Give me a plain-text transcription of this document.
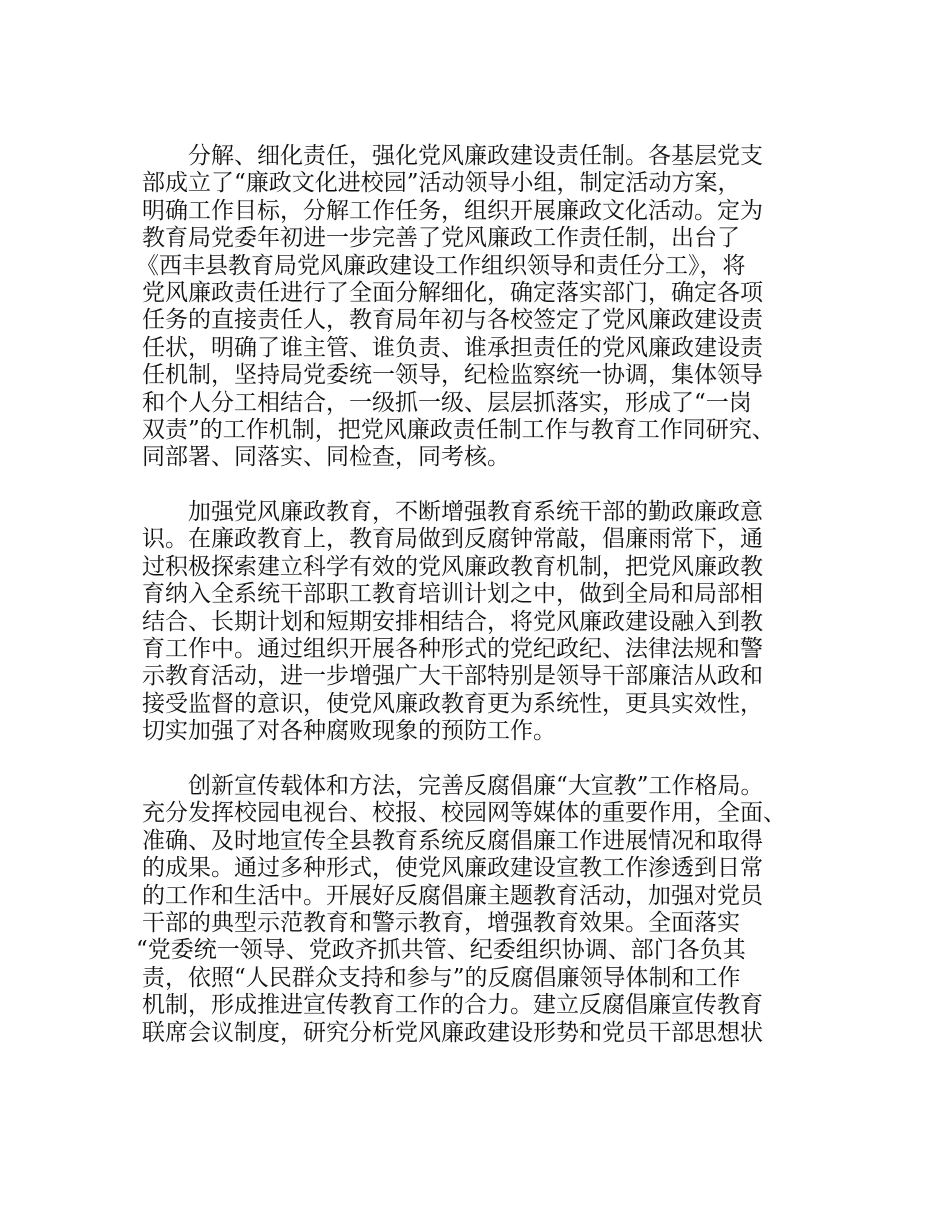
分解、细化责任，强化党风廉政建设责任制。各基层党支
部成立了“廉政文化进校园”活动领导小组，制定活动方案，
明确工作目标，分解工作任务，组织开展廉政文化活动。定为
教育局党委年初进一步完善了党风廉政工作责任制，出台了
《西丰县教育局党风廉政建设工作组织领导和责任分工》，将
党风廉政责任进行了全面分解细化，确定落实部门，确定各项
任务的直接责任人，教育局年初与各校签定了党风廉政建设责
任状，明确了谁主管、谁负责、谁承担责任的党风廉政建设责
任机制，坚持局党委统一领导，纪检监察统一协调，集体领导
和个人分工相结合，一级抓一级、层层抓落实，形成了“一岗
双责”的工作机制，把党风廉政责任制工作与教育工作同研究、
同部署、同落实、同检查，同考核。

加强党风廉政教育，不断增强教育系统干部的勤政廉政意
识。在廉政教育上，教育局做到反腐钟常敲，倡廉雨常下，通
过积极探索建立科学有效的党风廉政教育机制，把党风廉政教
育纳入全系统干部职工教育培训计划之中，做到全局和局部相
结合、长期计划和短期安排相结合，将党风廉政建设融入到教
育工作中。通过组织开展各种形式的党纪政纪、法律法规和警
示教育活动，进一步增强广大干部特别是领导干部廉洁从政和
接受监督的意识，使党风廉政教育更为系统性，更具实效性，
切实加强了对各种腐败现象的预防工作。

创新宣传载体和方法，完善反腐倡廉“大宣教”工作格局。
充分发挥校园电视台、校报、校园网等媒体的重要作用，全面、
准确、及时地宣传全县教育系统反腐倡廉工作进展情况和取得
的成果。通过多种形式，使党风廉政建设宣教工作渗透到日常
的工作和生活中。开展好反腐倡廉主题教育活动，加强对党员
干部的典型示范教育和警示教育，增强教育效果。全面落实
“党委统一领导、党政齐抓共管、纪委组织协调、部门各负其
责，依照“人民群众支持和参与”的反腐倡廉领导体制和工作
机制，形成推进宣传教育工作的合力。建立反腐倡廉宣传教育
联席会议制度，研究分析党风廉政建设形势和党员干部思想状
